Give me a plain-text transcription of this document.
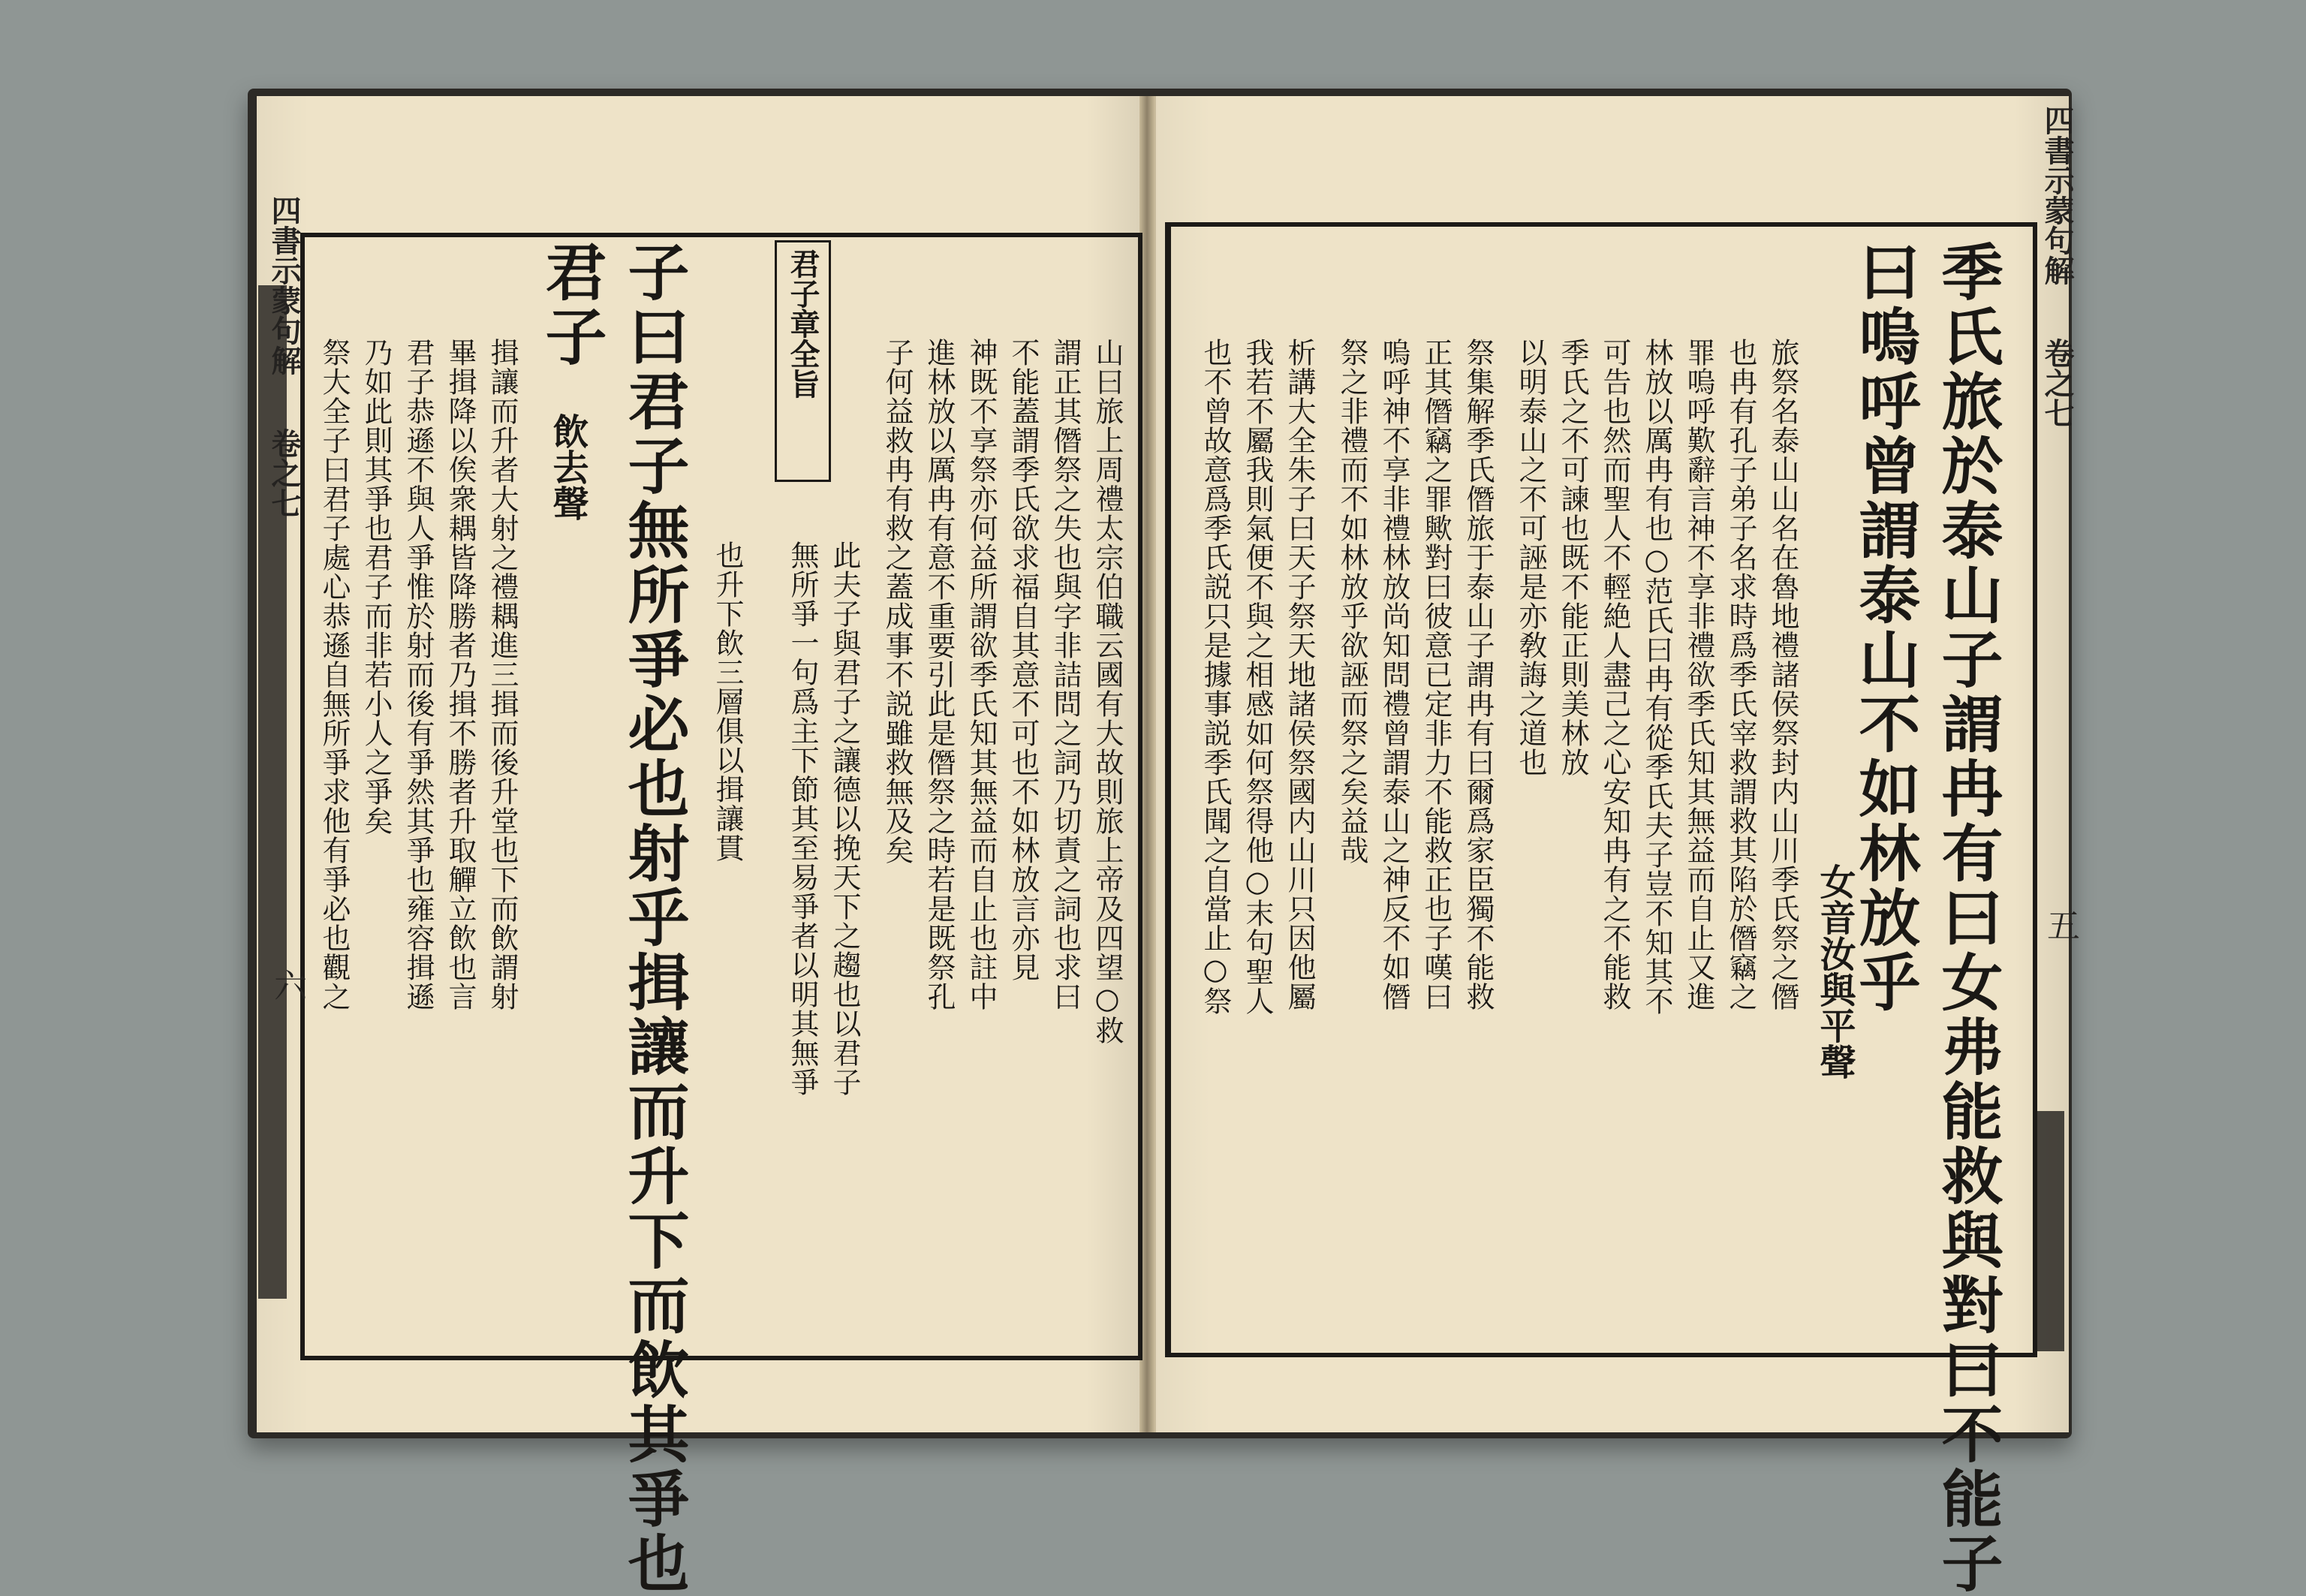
四書示蒙句解
卷之七
五
季氏旅於泰山子謂冉有曰女弗能救與對曰不能子
曰嗚呼曾謂泰山不如林放乎
女音汝與平聲
旅祭名泰山山名在魯地禮諸侯祭封内山川季氏祭之僭
也冉有孔子弟子名求時爲季氏宰救謂救其陷於僭竊之
罪嗚呼歎辭言神不享非禮欲季氏知其無益而自止又進
林放以厲冉有也○范氏曰冉有從季氏夫子豈不知其不
可告也然而聖人不輕絶人盡己之心安知冉有之不能救
季氏之不可諫也既不能正則美林放
以明泰山之不可誣是亦敎誨之道也
祭集解季氏僭旅于泰山子謂冉有曰爾爲家臣獨不能救
正其僭竊之罪歟對曰彼意已定非力不能救正也子嘆曰
嗚呼神不享非禮林放尚知問禮曾謂泰山之神反不如僭
祭之非禮而不如林放乎欲誣而祭之矣益哉
析講大全朱子曰天子祭天地諸侯祭國内山川只因他屬
我若不屬我則氣便不與之相感如何祭得他○末句聖人
也不曾故意爲季氏説只是據事説季氏聞之自當止○祭
四書示蒙句解
卷之七
六	山曰旅上周禮太宗伯職云國有大故則旅上帝及四望○救
謂正其僭祭之失也與字非詰問之詞乃切責之詞也求曰
不能蓋謂季氏欲求福自其意不可也不如林放言亦見
神既不享祭亦何益所謂欲季氏知其無益而自止也註中
進林放以厲冉有意不重要引此是僭祭之時若是既祭孔
子何益救冉有救之蓋成事不説雖救無及矣
君子章全旨
此夫子與君子之讓德以挽天下之趨也以君子
無所爭一句爲主下節其至易爭者以明其無爭
子曰君子無所爭必也射乎揖讓而升下而飲其爭也
君子
飲去聲
也升下飲三層俱以揖讓貫
揖讓而升者大射之禮耦進三揖而後升堂也下而飲謂射
畢揖降以俟衆耦皆降勝者乃揖不勝者升取觶立飲也言
君子恭遜不與人爭惟於射而後有爭然其爭也雍容揖遜
乃如此則其爭也君子而非若小人之爭矣
祭大全子曰君子處心恭遜自無所爭求他有爭必也觀之
